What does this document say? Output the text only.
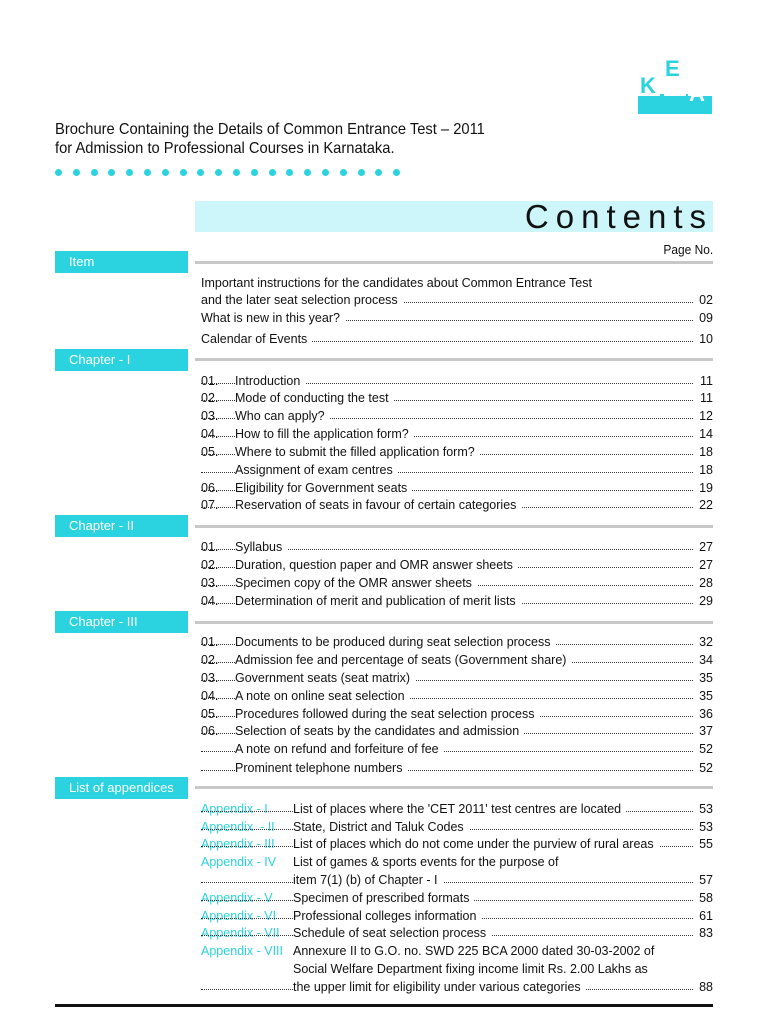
K
E
A
Brochure Containing the Details of Common Entrance Test – 2011
for Admission to Professional Courses in Karnataka.
Contents
Page No.
Item
Chapter - I
Chapter - II
Chapter - III
List of appendices
Important instructions for the candidates about Common Entrance Test
and the later seat selection process	02
What is new in this year?	09
Calendar of Events	10
01. Introduction	11
02. Mode of conducting the test	11
03. Who can apply?	12
04. How to fill the application form?	14
05. Where to submit the filled application form?	18
Assignment of exam centres	18
06. Eligibility for Government seats	19
07. Reservation of seats in favour of certain categories	22
01. Syllabus	27
02. Duration, question paper and OMR answer sheets	27
03. Specimen copy of the OMR answer sheets	28
04. Determination of merit and publication of merit lists	29
01. Documents to be produced during seat selection process	32
02. Admission fee and percentage of seats (Government share)	34
03. Government seats (seat matrix)	35
04. A note on online seat selection	35
05. Procedures followed during the seat selection process	36
06. Selection of seats by the candidates and admission	37
A note on refund and forfeiture of fee	52
Prominent telephone numbers	52
Appendix - I List of places where the 'CET 2011' test centres are located	53
Appendix  - II State, District and Taluk Codes	53
Appendix - III List of places which do not come under the purview of rural areas	55
Appendix - IV List of games & sports events for the purpose of
item 7(1) (b) of Chapter - I	57
Appendix - V Specimen of prescribed formats	58
Appendix - VI Professional colleges information	61
Appendix - VII Schedule of seat selection process	83
Appendix - VIII Annexure II to G.O. no. SWD 225 BCA 2000 dated 30-03-2002 of
Social Welfare Department fixing income limit Rs. 2.00 Lakhs as
the upper limit for eligibility under various categories	88
